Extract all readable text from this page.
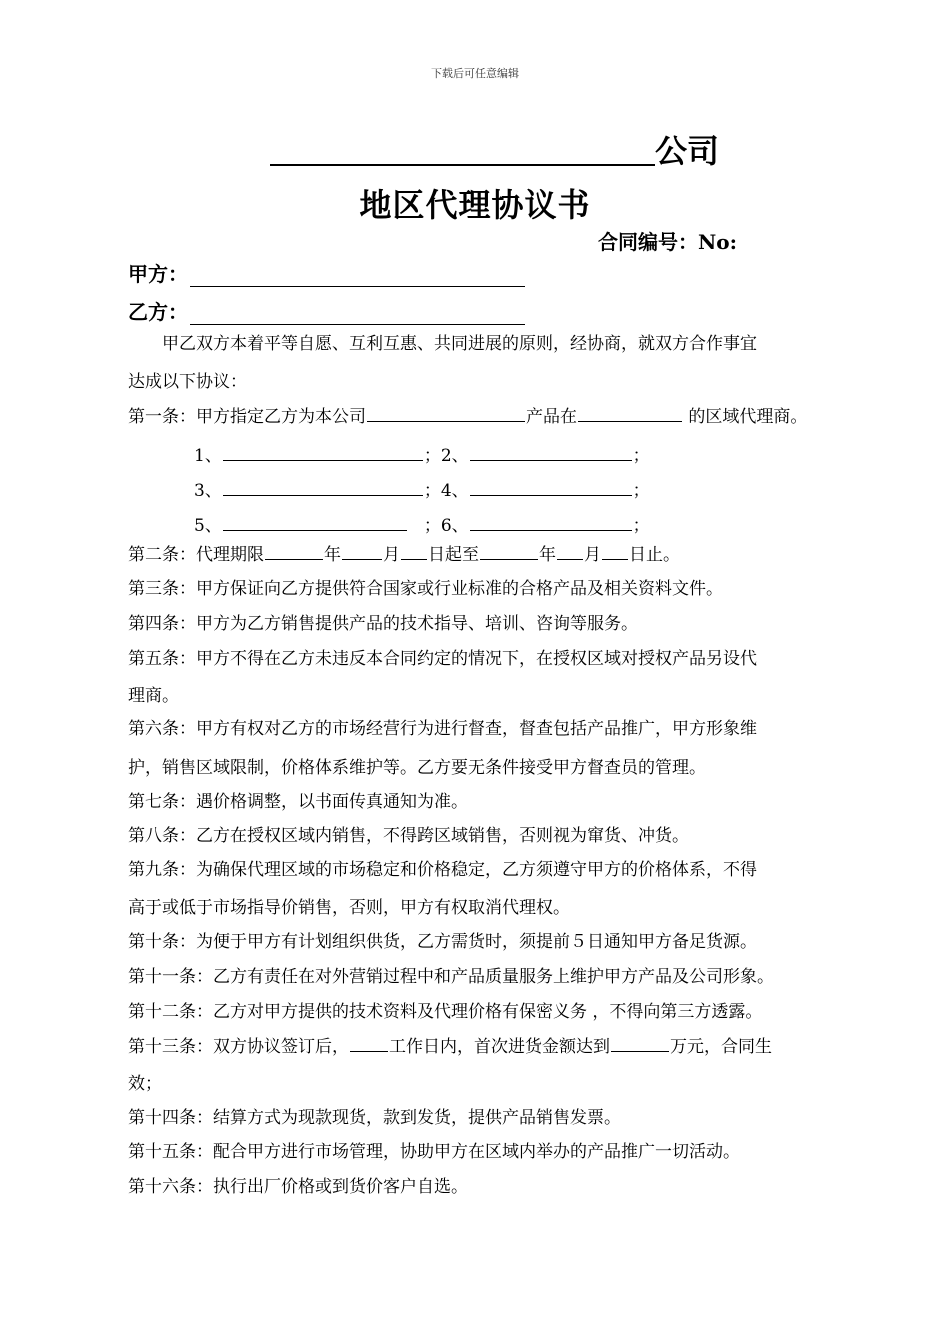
下载后可任意编辑
公司
地区代理协议书
合同编号：No:
甲方：
乙方：
甲乙双方本着平等自愿、互利互惠、共同进展的原则，经协商，就双方合作事宜
达成以下协议：
第一条：甲方指定乙方为本公司	产品在	的区域代理商。
1、	；2、	；
3、	；4、	；
5、	；6、	；
第二条：代理期限	年 月 日起至	年 月 日止。
第三条：甲方保证向乙方提供符合国家或行业标准的合格产品及相关资料文件。
第四条：甲方为乙方销售提供产品的技术指导、培训、咨询等服务。
第五条：甲方不得在乙方未违反本合同约定的情况下，在授权区域对授权产品另设代
理商。
第六条：甲方有权对乙方的市场经营行为进行督查，督查包括产品推广，甲方形象维
护，销售区域限制，价格体系维护等。乙方要无条件接受甲方督查员的管理。
第七条：遇价格调整，以书面传真通知为准。
第八条：乙方在授权区域内销售，不得跨区域销售，否则视为窜货、冲货。
第九条：为确保代理区域的市场稳定和价格稳定，乙方须遵守甲方的价格体系，不得
高于或低于市场指导价销售，否则，甲方有权取消代理权。
第十条：为便于甲方有计划组织供货，乙方需货时，须提前５日通知甲方备足货源。
第十一条：乙方有责任在对外营销过程中和产品质量服务上维护甲方产品及公司形象。
第十二条：乙方对甲方提供的技术资料及代理价格有保密义务 ，不得向第三方透露。
第十三条：双方协议签订后， 工作日内，首次进货金额达到	万元，合同生
效；
第十四条：结算方式为现款现货，款到发货，提供产品销售发票。
第十五条：配合甲方进行市场管理，协助甲方在区域内举办的产品推广一切活动。
第十六条：执行出厂价格或到货价客户自选。
